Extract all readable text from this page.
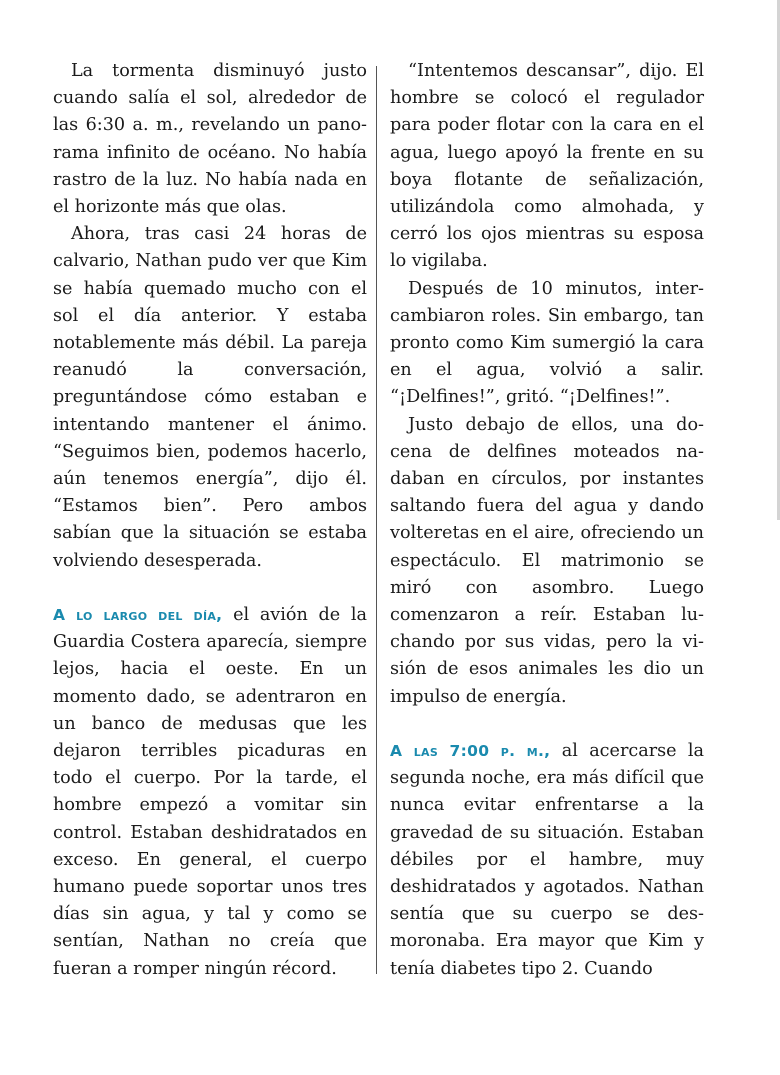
La tormenta disminuyó justo cuando salía el sol, alrededor de las 6:30 a. m., revelando un panorama infinito de océano. No había rastro de la luz. No había nada en el horizonte más que olas.

Ahora, tras casi 24 horas de calvario, Nathan pudo ver que Kim se había quemado mucho con el sol el día anterior. Y estaba notablemente más débil. La pareja reanudó la conversación, preguntándose cómo estaban e intentando mantener el ánimo. “Seguimos bien, podemos hacerlo, aún tenemos energía”, dijo él. “Estamos bien”. Pero ambos sabían que la situación se estaba volviendo desesperada.

A lo largo del día, el avión de la Guardia Costera aparecía, siempre lejos, hacia el oeste. En un momento dado, se adentraron en un banco de medusas que les dejaron terribles picaduras en todo el cuerpo. Por la tarde, el hombre empezó a vomitar sin control. Estaban deshidratados en exceso. En general, el cuerpo humano puede soportar unos tres días sin agua, y tal y como se sentían, Nathan no creía que fueran a romper ningún récord.

“Intentemos descansar”, dijo. El hombre se colocó el regulador para poder flotar con la cara en el agua, luego apoyó la frente en su boya flotante de señalización, utilizándola como almohada, y cerró los ojos mientras su esposa lo vigilaba.

Después de 10 minutos, intercambiaron roles. Sin embargo, tan pronto como Kim sumergió la cara en el agua, volvió a salir. “¡Delfines!”, gritó. “¡Delfines!”.

Justo debajo de ellos, una docena de delfines moteados nadaban en círculos, por instantes saltando fuera del agua y dando volteretas en el aire, ofreciendo un espectáculo. El matrimonio se miró con asombro. Luego comenzaron a reír. Estaban luchando por sus vidas, pero la visión de esos animales les dio un impulso de energía.

A las 7:00 p. m., al acercarse la segunda noche, era más difícil que nunca evitar enfrentarse a la gravedad de su situación. Estaban débiles por el hambre, muy deshidratados y agotados. Nathan sentía que su cuerpo se desmoronaba. Era mayor que Kim y tenía diabetes tipo 2. Cuando
